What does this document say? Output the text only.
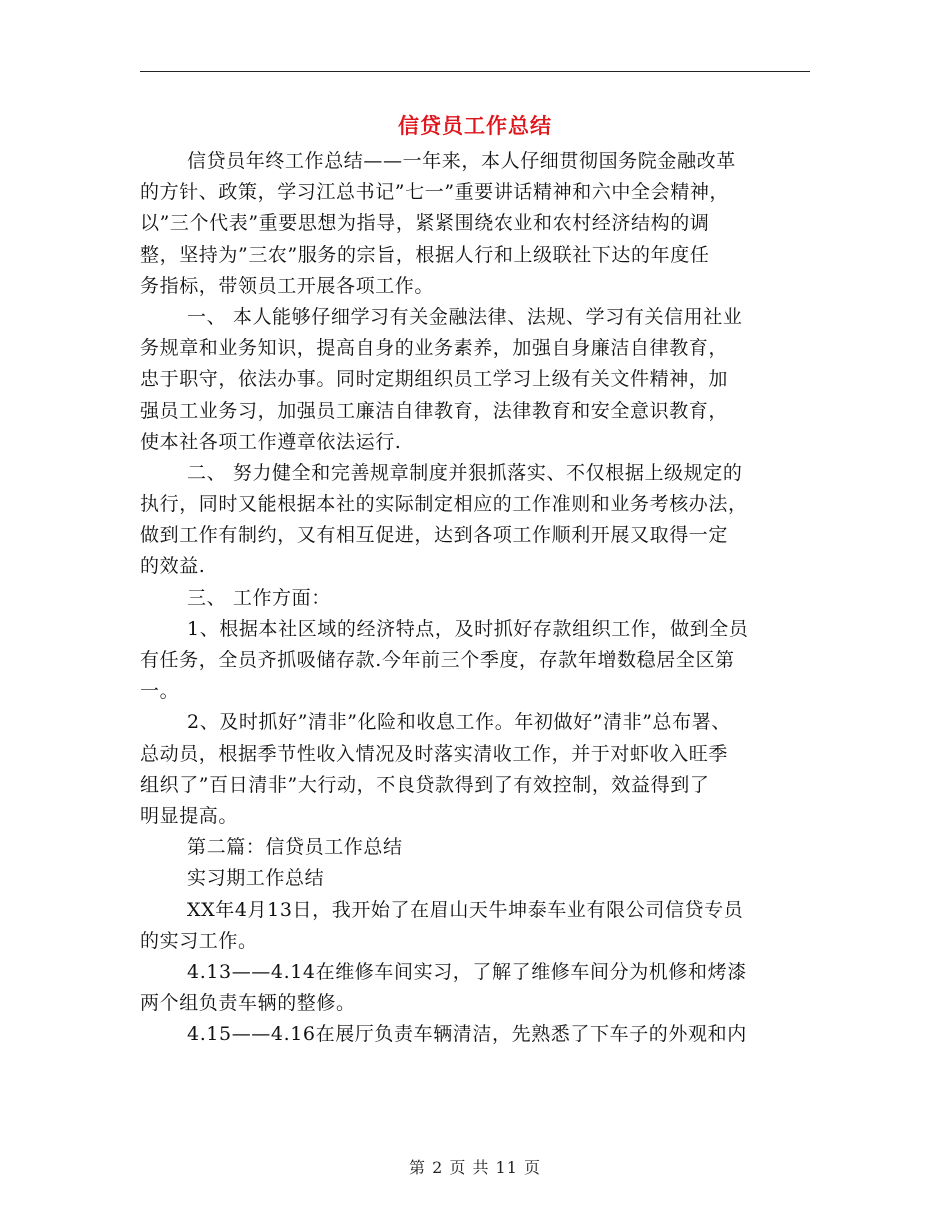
信贷员工作总结
信贷员年终工作总结——一年来，本人仔细贯彻国务院金融改革
的方针、政策，学习江总书记”七一”重要讲话精神和六中全会精神，
以”三个代表”重要思想为指导，紧紧围绕农业和农村经济结构的调
整，坚持为”三农”服务的宗旨，根据人行和上级联社下达的年度任
务指标，带领员工开展各项工作。
一、 本人能够仔细学习有关金融法律、法规、学习有关信用社业
务规章和业务知识，提高自身的业务素养，加强自身廉洁自律教育，
忠于职守，依法办事。同时定期组织员工学习上级有关文件精神，加
强员工业务习，加强员工廉洁自律教育，法律教育和安全意识教育，
使本社各项工作遵章依法运行.
二、 努力健全和完善规章制度并狠抓落实、不仅根据上级规定的
执行，同时又能根据本社的实际制定相应的工作准则和业务考核办法，
做到工作有制约，又有相互促进，达到各项工作顺利开展又取得一定
的效益.
三、 工作方面：
1、根据本社区域的经济特点，及时抓好存款组织工作，做到全员
有任务，全员齐抓吸储存款.今年前三个季度，存款年增数稳居全区第
一。
2、及时抓好”清非”化险和收息工作。年初做好”清非”总布署、
总动员，根据季节性收入情况及时落实清收工作，并于对虾收入旺季
组织了”百日清非”大行动，不良贷款得到了有效控制，效益得到了
明显提高。
第二篇：信贷员工作总结
实习期工作总结
XX年4月13日，我开始了在眉山天牛坤泰车业有限公司信贷专员
的实习工作。
4.13——4.14在维修车间实习，了解了维修车间分为机修和烤漆
两个组负责车辆的整修。
4.15——4.16在展厅负责车辆清洁，先熟悉了下车子的外观和内
第 2 页 共 11 页
